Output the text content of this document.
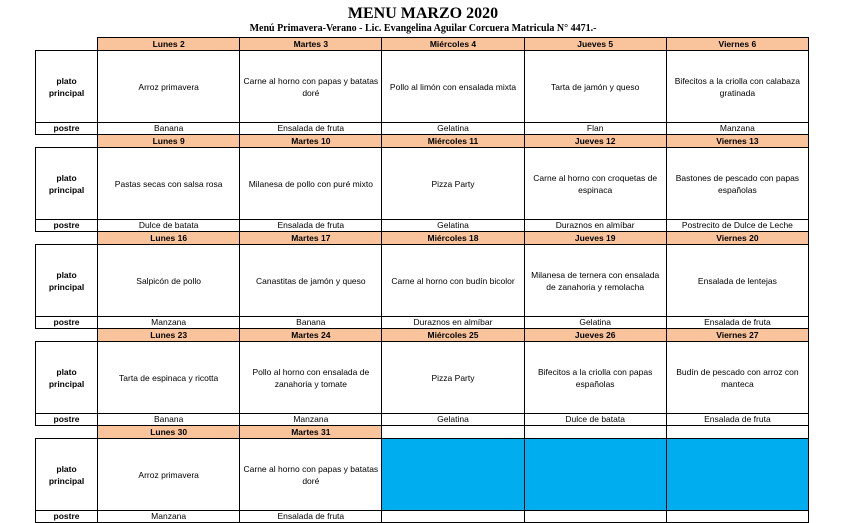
MENU MARZO 2020
Menú Primavera-Verano - Lic. Evangelina Aguilar Corcuera Matricula N° 4471.-
	Lunes 2	Martes 3	Miércoles 4	Jueves 5	Viernes 6
plato principal	Arroz primavera	Carne al horno con papas y batatas doré	Pollo al limón con ensalada mixta	Tarta de jamón y queso	Bifecitos a la criolla con calabaza gratinada
postre	Banana	Ensalada de fruta	Gelatina	Flan	Manzana
	Lunes 9	Martes 10	Miércoles 11	Jueves 12	Viernes 13
plato principal	Pastas secas con salsa rosa	Milanesa de pollo con puré mixto	Pizza Party	Carne al horno con croquetas de espinaca	Bastones de pescado con papas españolas
postre	Dulce de batata	Ensalada de fruta	Gelatina	Duraznos en almíbar	Postrecito de Dulce de Leche
	Lunes 16	Martes 17	Miércoles 18	Jueves 19	Viernes 20
plato principal	Salpicón de pollo	Canastitas de jamón y queso	Carne al horno con budín bicolor	Milanesa de ternera con ensalada de zanahoria y remolacha	Ensalada de lentejas
postre	Manzana	Banana	Duraznos en almíbar	Gelatina	Ensalada de fruta
	Lunes 23	Martes 24	Miércoles 25	Jueves 26	Viernes 27
plato principal	Tarta de espinaca y ricotta	Pollo al horno con ensalada de zanahoria y tomate	Pizza Party	Bifecitos a la criolla con papas españolas	Budín de pescado con arroz con manteca
postre	Banana	Manzana	Gelatina	Dulce de batata	Ensalada de fruta
	Lunes 30	Martes 31			
plato principal	Arroz primavera	Carne al horno con papas y batatas doré			
postre	Manzana	Ensalada de fruta			
